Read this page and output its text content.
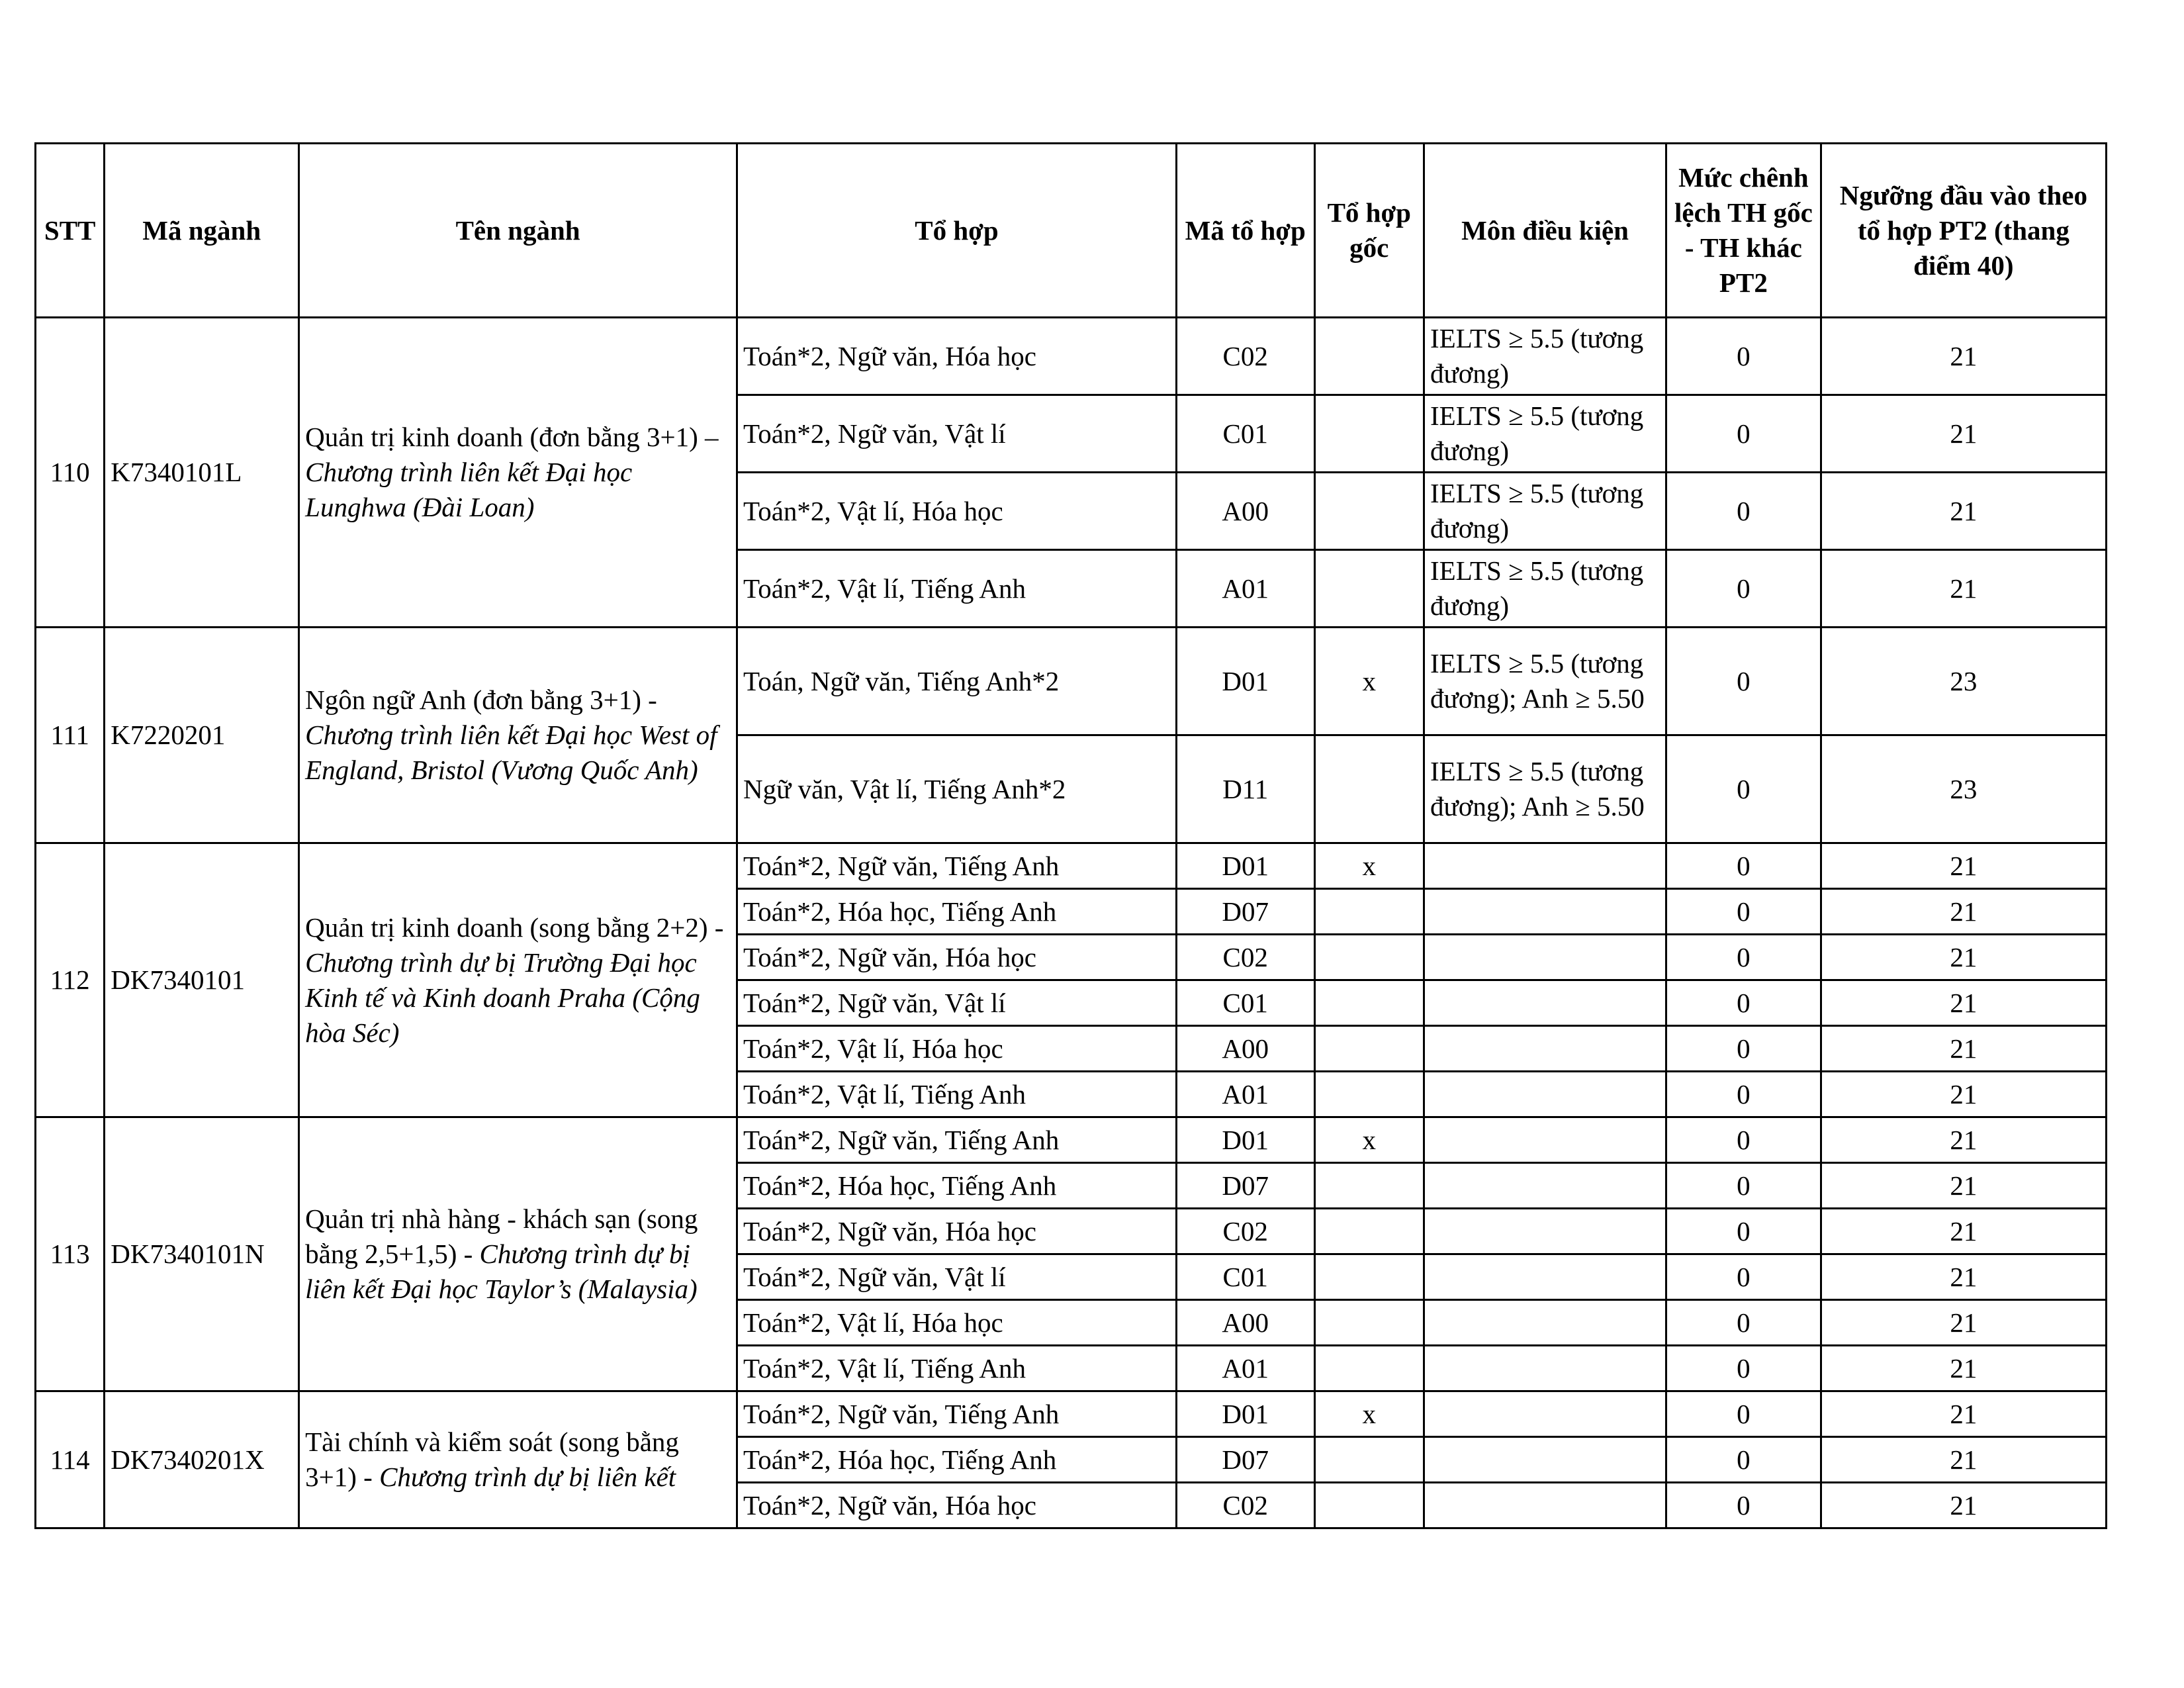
STT	Mã ngành	Tên ngành	Tổ hợp	Mã tổ hợp	Tổ hợp gốc	Môn điều kiện	Mức chênh lệch TH gốc - TH khác PT2	Ngưỡng đầu vào theo tổ hợp PT2 (thang điểm 40)
110	K7340101L	Quản trị kinh doanh (đơn bằng 3+1) – Chương trình liên kết Đại học Lunghwa (Đài Loan)	Toán*2, Ngữ văn, Hóa học	C02		IELTS ≥ 5.5 (tương đương)	0	21
			Toán*2, Ngữ văn, Vật lí	C01		IELTS ≥ 5.5 (tương đương)	0	21
			Toán*2, Vật lí, Hóa học	A00		IELTS ≥ 5.5 (tương đương)	0	21
			Toán*2, Vật lí, Tiếng Anh	A01		IELTS ≥ 5.5 (tương đương)	0	21
111	K7220201	Ngôn ngữ Anh (đơn bằng 3+1) - Chương trình liên kết Đại học West of England, Bristol (Vương Quốc Anh)	Toán, Ngữ văn, Tiếng Anh*2	D01	x	IELTS ≥ 5.5 (tương đương); Anh ≥ 5.50	0	23
			Ngữ văn, Vật lí, Tiếng Anh*2	D11		IELTS ≥ 5.5 (tương đương); Anh ≥ 5.50	0	23
112	DK7340101	Quản trị kinh doanh (song bằng 2+2) - Chương trình dự bị Trường Đại học Kinh tế và Kinh doanh Praha (Cộng hòa Séc)	Toán*2, Ngữ văn, Tiếng Anh	D01	x		0	21
			Toán*2, Hóa học, Tiếng Anh	D07			0	21
			Toán*2, Ngữ văn, Hóa học	C02			0	21
			Toán*2, Ngữ văn, Vật lí	C01			0	21
			Toán*2, Vật lí, Hóa học	A00			0	21
			Toán*2, Vật lí, Tiếng Anh	A01			0	21
113	DK7340101N	Quản trị nhà hàng - khách sạn (song bằng 2,5+1,5) - Chương trình dự bị liên kết Đại học Taylor’s (Malaysia)	Toán*2, Ngữ văn, Tiếng Anh	D01	x		0	21
			Toán*2, Hóa học, Tiếng Anh	D07			0	21
			Toán*2, Ngữ văn, Hóa học	C02			0	21
			Toán*2, Ngữ văn, Vật lí	C01			0	21
			Toán*2, Vật lí, Hóa học	A00			0	21
			Toán*2, Vật lí, Tiếng Anh	A01			0	21
114	DK7340201X	Tài chính và kiểm soát (song bằng 3+1) - Chương trình dự bị liên kết	Toán*2, Ngữ văn, Tiếng Anh	D01	x		0	21
			Toán*2, Hóa học, Tiếng Anh	D07			0	21
			Toán*2, Ngữ văn, Hóa học	C02			0	21
